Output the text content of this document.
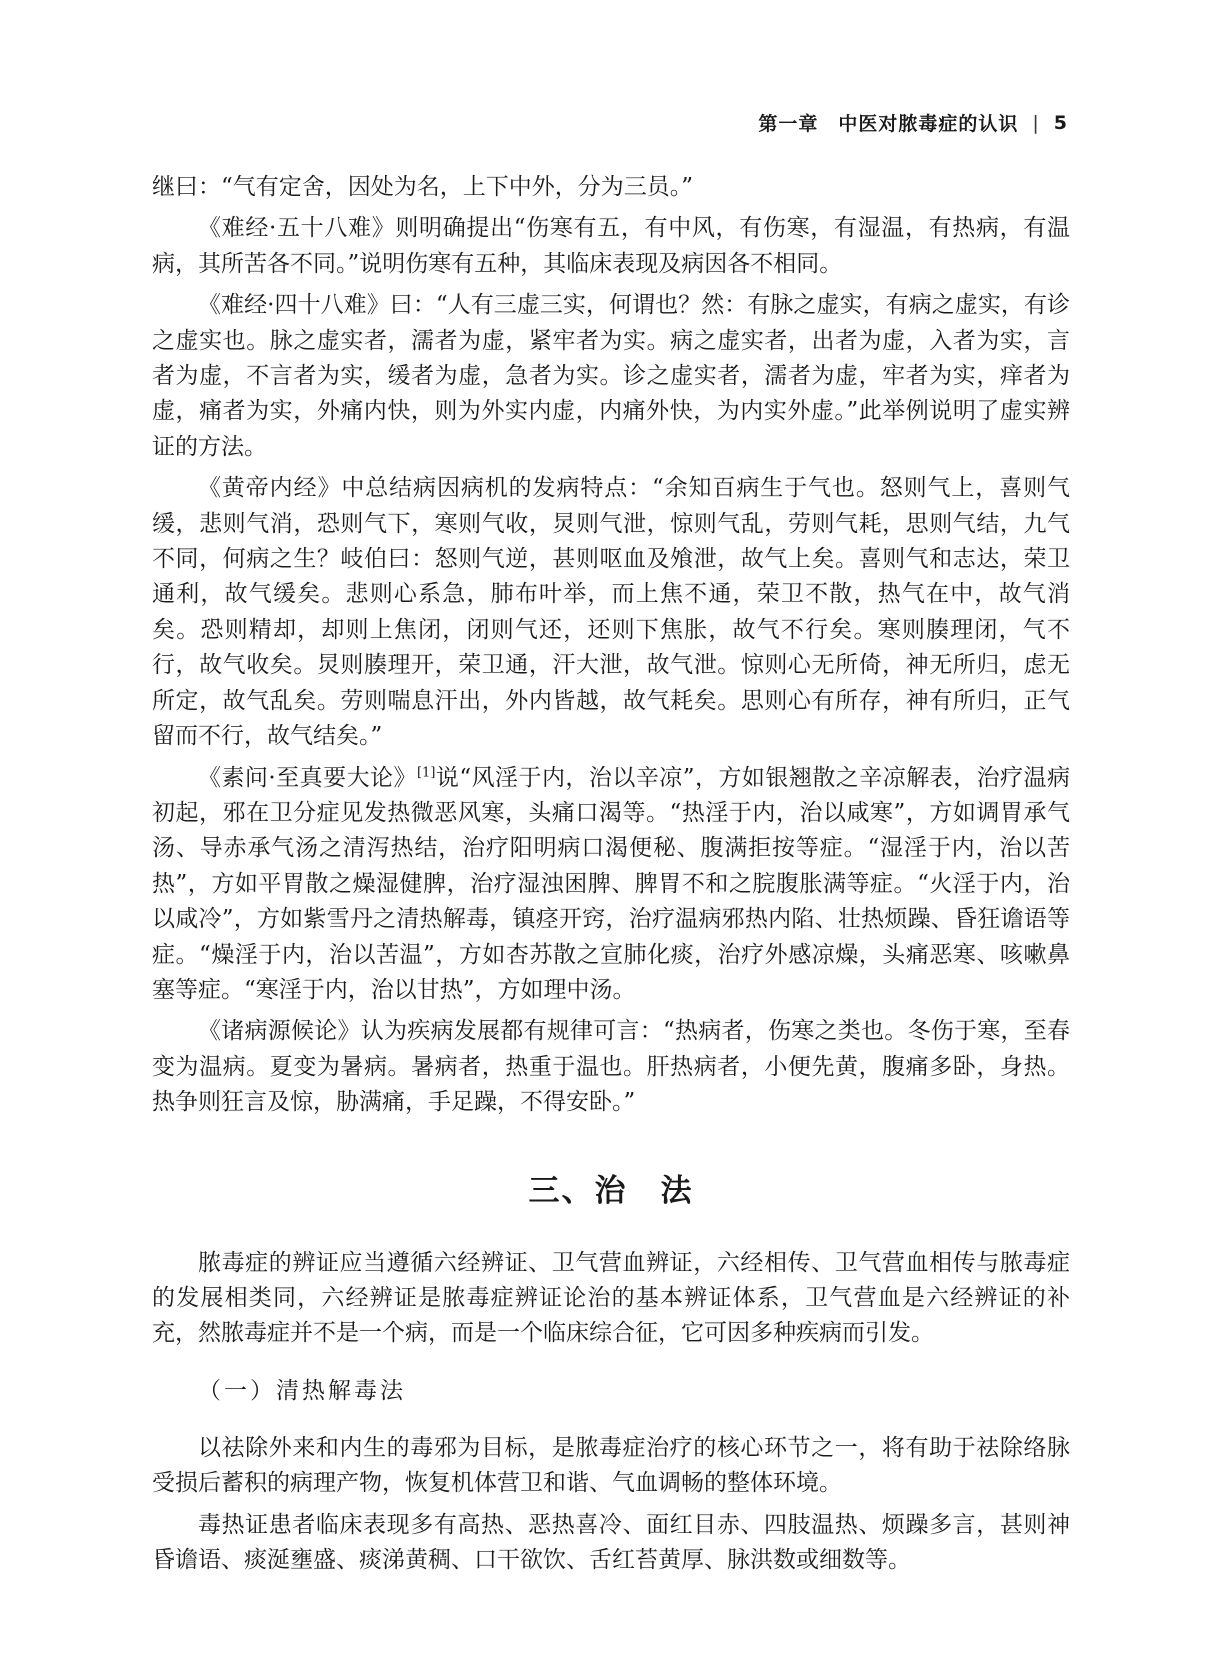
第一章　中医对脓毒症的认识 | 5

继曰：“气有定舍，因处为名，上下中外，分为三员。”

《难经·五十八难》则明确提出“伤寒有五，有中风，有伤寒，有湿温，有热病，有温病，其所苦各不同。”说明伤寒有五种，其临床表现及病因各不相同。

《难经·四十八难》曰：“人有三虚三实，何谓也？然：有脉之虚实，有病之虚实，有诊之虚实也。脉之虚实者，濡者为虚，紧牢者为实。病之虚实者，出者为虚，入者为实，言者为虚，不言者为实，缓者为虚，急者为实。诊之虚实者，濡者为虚，牢者为实，痒者为虚，痛者为实，外痛内快，则为外实内虚，内痛外快，为内实外虚。”此举例说明了虚实辨证的方法。

《黄帝内经》中总结病因病机的发病特点：“余知百病生于气也。怒则气上，喜则气缓，悲则气消，恐则气下，寒则气收，炅则气泄，惊则气乱，劳则气耗，思则气结，九气不同，何病之生？岐伯曰：怒则气逆，甚则呕血及飧泄，故气上矣。喜则气和志达，荣卫通利，故气缓矣。悲则心系急，肺布叶举，而上焦不通，荣卫不散，热气在中，故气消矣。恐则精却，却则上焦闭，闭则气还，还则下焦胀，故气不行矣。寒则腠理闭，气不行，故气收矣。炅则腠理开，荣卫通，汗大泄，故气泄。惊则心无所倚，神无所归，虑无所定，故气乱矣。劳则喘息汗出，外内皆越，故气耗矣。思则心有所存，神有所归，正气留而不行，故气结矣。”

《素问·至真要大论》[1]说“风淫于内，治以辛凉”，方如银翘散之辛凉解表，治疗温病初起，邪在卫分症见发热微恶风寒，头痛口渴等。“热淫于内，治以咸寒”，方如调胃承气汤、导赤承气汤之清泻热结，治疗阳明病口渴便秘、腹满拒按等症。“湿淫于内，治以苦热”，方如平胃散之燥湿健脾，治疗湿浊困脾、脾胃不和之脘腹胀满等症。“火淫于内，治以咸冷”，方如紫雪丹之清热解毒，镇痉开窍，治疗温病邪热内陷、壮热烦躁、昏狂谵语等症。“燥淫于内，治以苦温”，方如杏苏散之宣肺化痰，治疗外感凉燥，头痛恶寒、咳嗽鼻塞等症。“寒淫于内，治以甘热”，方如理中汤。

《诸病源候论》认为疾病发展都有规律可言：“热病者，伤寒之类也。冬伤于寒，至春变为温病。夏变为暑病。暑病者，热重于温也。肝热病者，小便先黄，腹痛多卧，身热。热争则狂言及惊，胁满痛，手足躁，不得安卧。”

三、治　法

脓毒症的辨证应当遵循六经辨证、卫气营血辨证，六经相传、卫气营血相传与脓毒症的发展相类同，六经辨证是脓毒症辨证论治的基本辨证体系，卫气营血是六经辨证的补充，然脓毒症并不是一个病，而是一个临床综合征，它可因多种疾病而引发。

（一）清热解毒法

以祛除外来和内生的毒邪为目标，是脓毒症治疗的核心环节之一，将有助于祛除络脉受损后蓄积的病理产物，恢复机体营卫和谐、气血调畅的整体环境。

毒热证患者临床表现多有高热、恶热喜冷、面红目赤、四肢温热、烦躁多言，甚则神昏谵语、痰涎壅盛、痰涕黄稠、口干欲饮、舌红苔黄厚、脉洪数或细数等。
